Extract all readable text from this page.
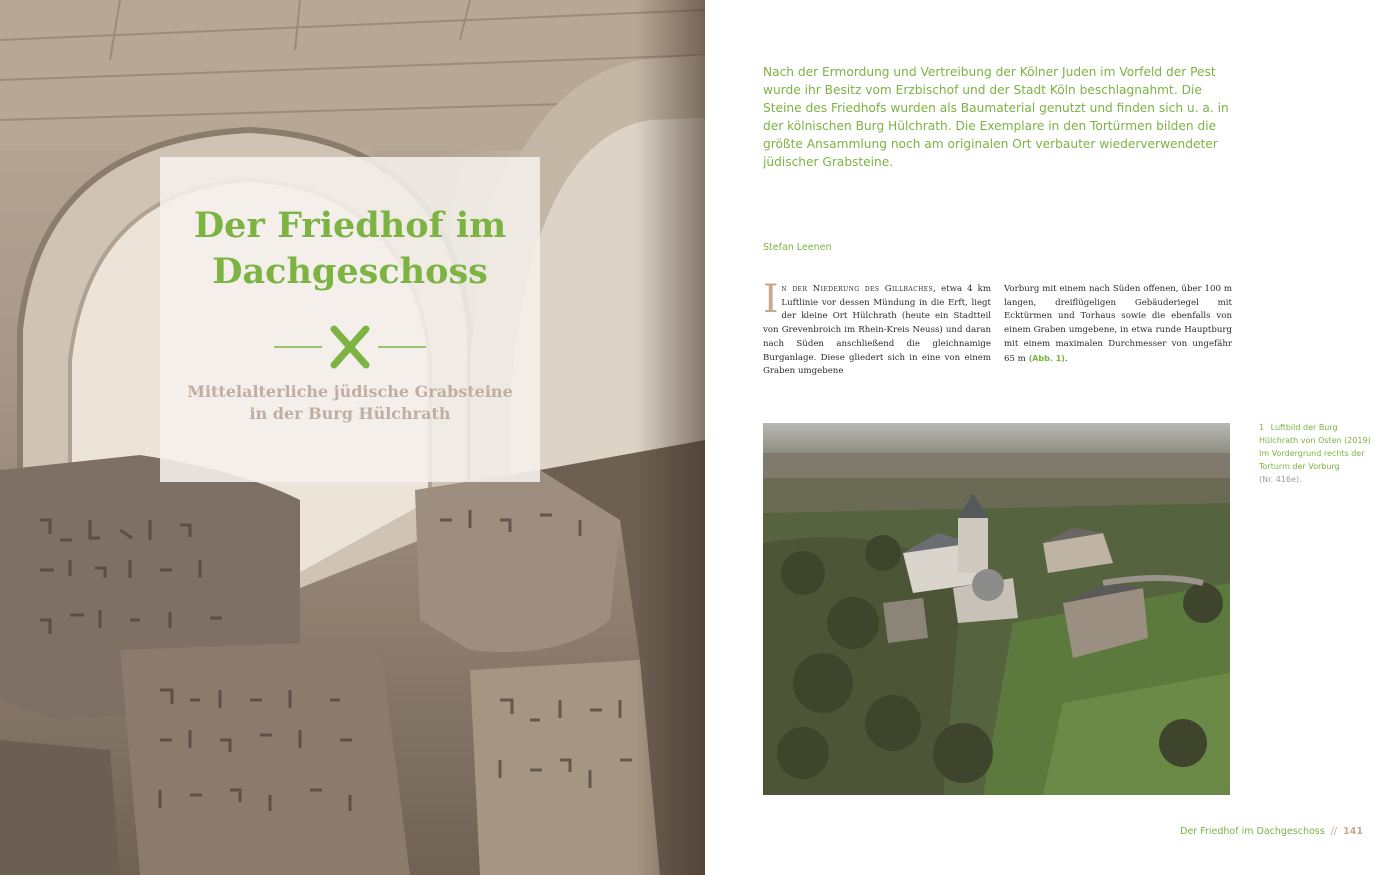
Der Friedhof im Dachgeschoss

Mittelalterliche jüdische Grabsteine
in der Burg Hülchrath

Nach der Ermordung und Vertreibung der Kölner Juden im Vorfeld der Pest wurde ihr Besitz vom Erzbischof und der Stadt Köln beschlagnahmt. Die Steine des Friedhofs wurden als Baumaterial genutzt und finden sich u. a. in der kölnischen Burg Hülchrath. Die Exemplare in den Tortürmen bilden die größte Ansammlung noch am originalen Ort verbauter wiederverwendeter jüdischer Grabsteine.

Stefan Leenen

In der Niederung des Gillbaches, etwa 4 km Luftlinie vor dessen Mündung in die Erft, liegt der kleine Ort Hülchrath (heute ein Stadtteil von Grevenbroich im Rhein-Kreis Neuss) und daran nach Süden anschließend die gleichnamige Burganlage. Diese gliedert sich in eine von einem Graben umgebene

Vorburg mit einem nach Süden offenen, über 100 m langen, dreiflügeligen Gebäuderiegel mit Ecktürmen und Torhaus sowie die ebenfalls von einem Graben umgebene, in etwa runde Hauptburg mit einem maximalen Durchmesser von ungefähr 65 m (Abb. 1).

1 Luftbild der Burg Hülchrath von Osten (2019) Im Vordergrund rechts der Torturm der Vorburg
(Nr. 416e).

Der Friedhof im Dachgeschoss // 141
